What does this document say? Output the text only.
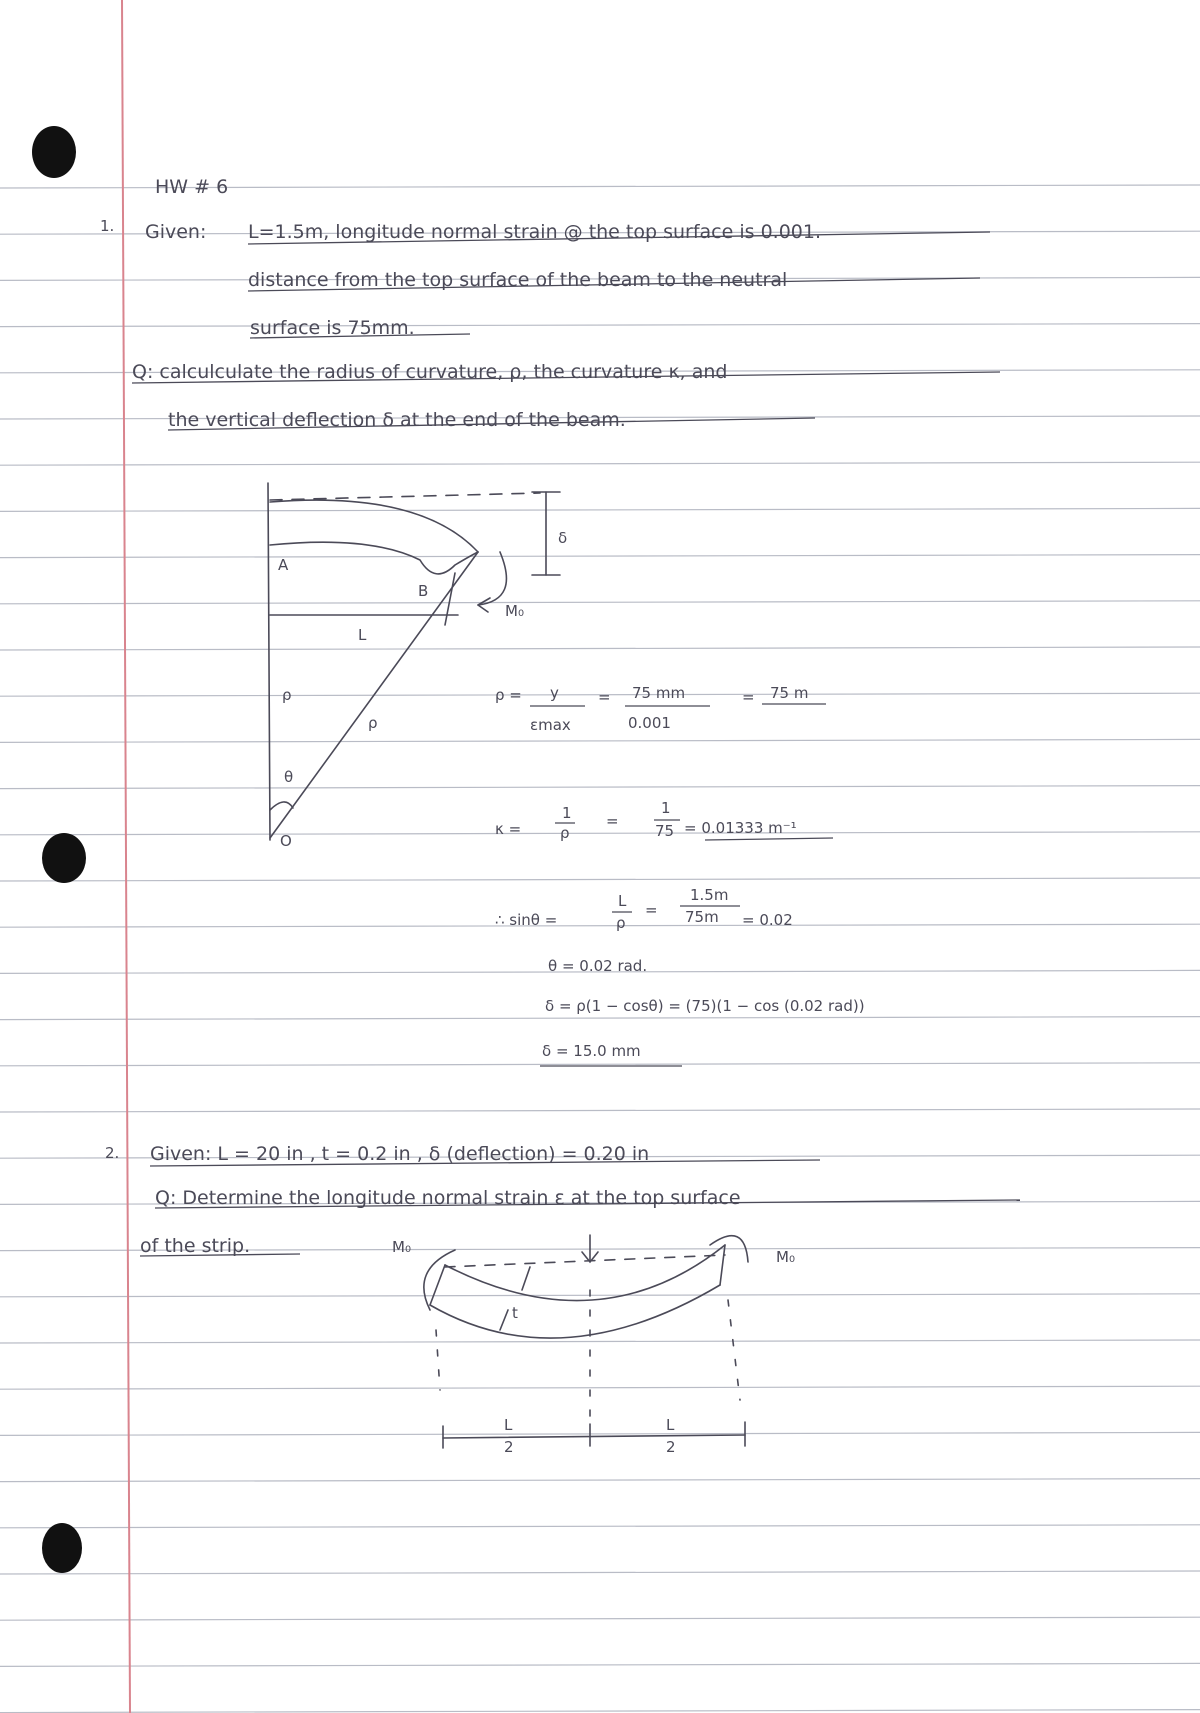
HW # 6
1. Given: L=1.5m, longitude normal strain @ the top surface is 0.001.
distance from the top surface of the beam to the neutral
surface is 75mm.
Q: calculculate the radius of curvature, ρ, the curvature κ, and
the vertical deflection δ at the end of the beam.
A
B
L
ρ
ρ
θ
O
M₀
δ
ρ = y
εmax
= 75 mm
0.001
= 75 m
κ =
1
ρ
=
1
75 = 0.01333 m⁻¹
∴ sinθ =
L
ρ
=
1.5m
75m = 0.02
θ = 0.02 rad.
δ = ρ(1 − cosθ) = (75)(1 − cos (0.02 rad))
δ = 15.0 mm
2. Given: L = 20 in , t = 0.2 in , δ (deflection) = 0.20 in
Q: Determine the longitude normal strain ε at the top surface
of the strip.	M₀
M₀
t
L
2
L
2
